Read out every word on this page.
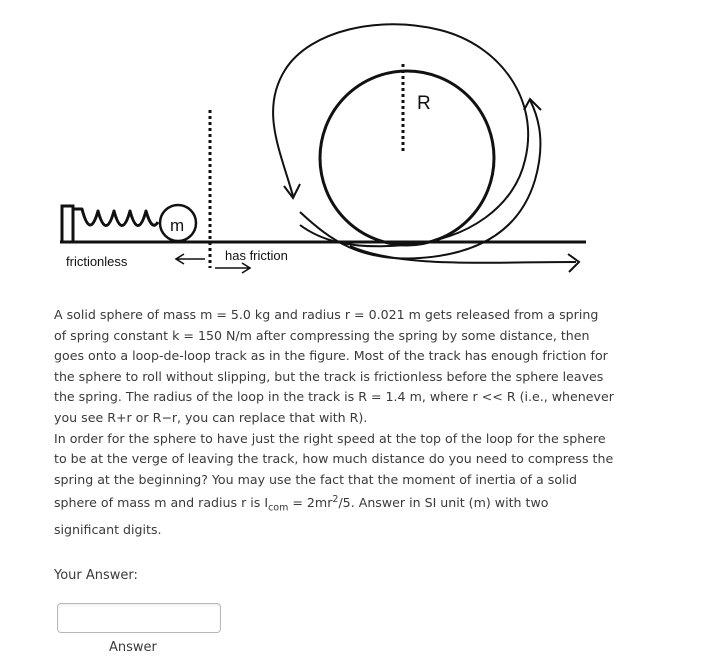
m
R
frictionless	has friction

A solid sphere of mass m = 5.0 kg and radius r = 0.021 m gets released from a spring of spring constant k = 150 N/m after compressing the spring by some distance, then goes onto a loop-de-loop track as in the figure. Most of the track has enough friction for the sphere to roll without slipping, but the track is frictionless before the sphere leaves the spring. The radius of the loop in the track is R = 1.4 m, where r << R (i.e., whenever you see R+r or R−r, you can replace that with R).

In order for the sphere to have just the right speed at the top of the loop for the sphere to be at the verge of leaving the track, how much distance do you need to compress the spring at the beginning? You may use the fact that the moment of inertia of a solid sphere of mass m and radius r is $I_{com} = 2mr^2/5$. Answer in SI unit (m) with two significant digits.

Your Answer:
Answer
